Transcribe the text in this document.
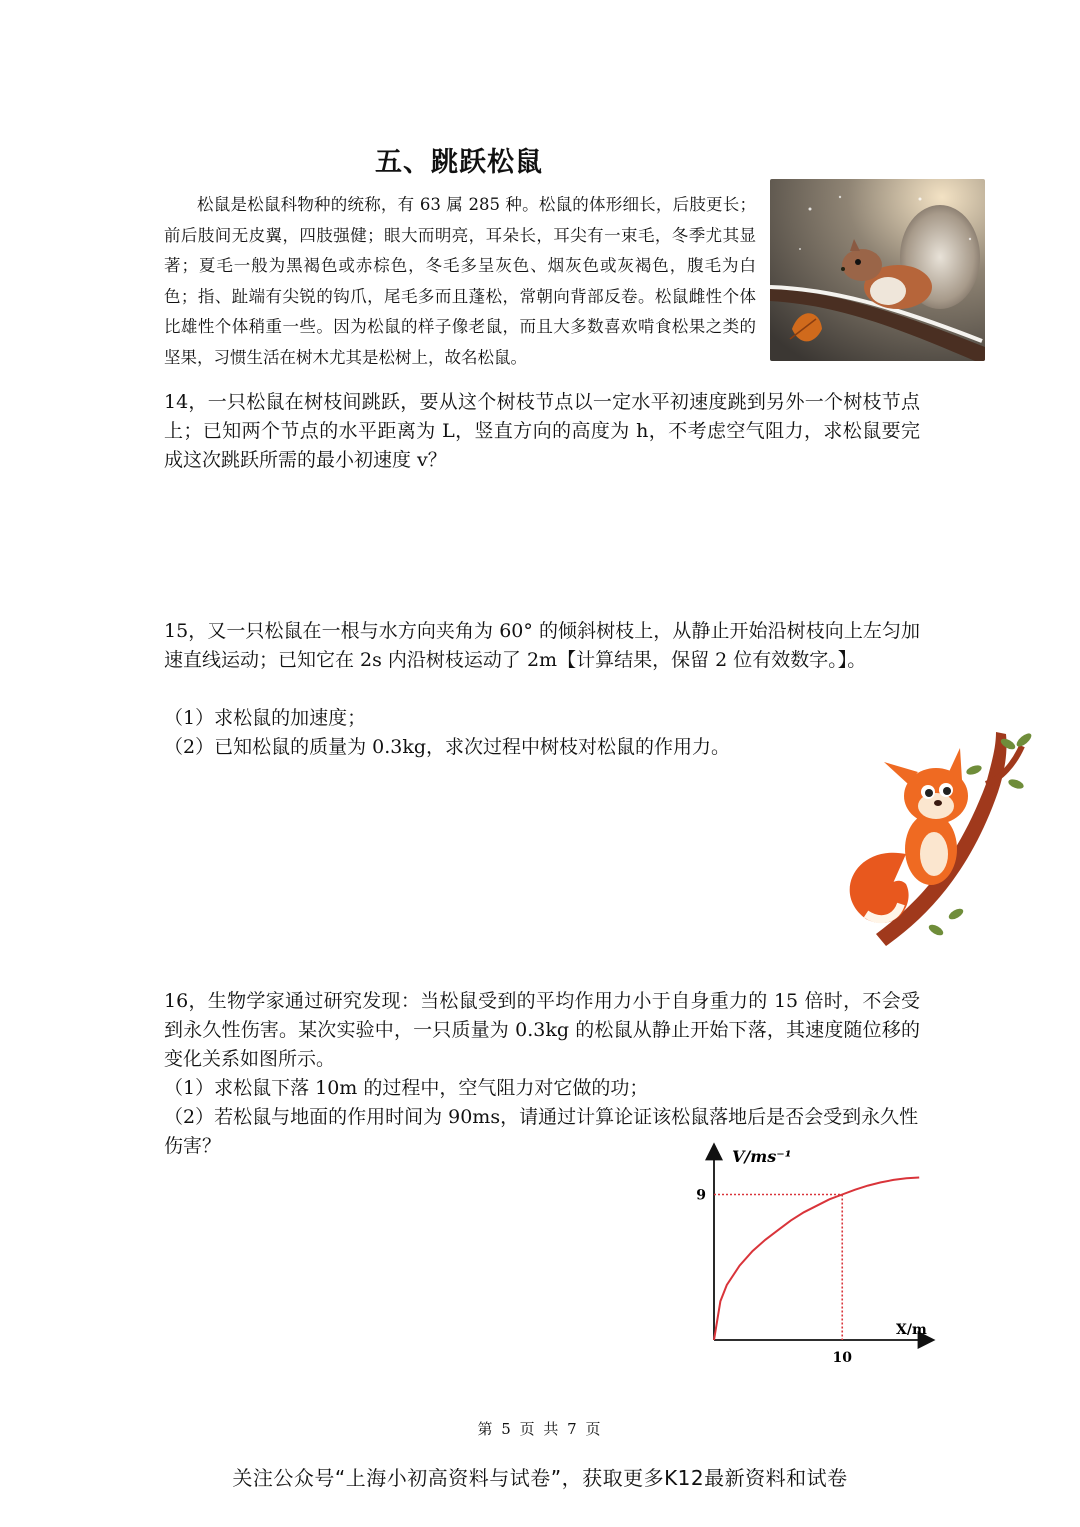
五、跳跃松鼠

松鼠是松鼠科物种的统称，有 63 属 285 种。松鼠的体形细长，后肢更长；前后肢间无皮翼，四肢强健；眼大而明亮，耳朵长，耳尖有一束毛，冬季尤其显著；夏毛一般为黑褐色或赤棕色，冬毛多呈灰色、烟灰色或灰褐色，腹毛为白色；指、趾端有尖锐的钩爪，尾毛多而且蓬松，常朝向背部反卷。松鼠雌性个体比雄性个体稍重一些。因为松鼠的样子像老鼠，而且大多数喜欢啃食松果之类的坚果，习惯生活在树木尤其是松树上，故名松鼠。

14，一只松鼠在树枝间跳跃，要从这个树枝节点以一定水平初速度跳到另外一个树枝节点上；已知两个节点的水平距离为 L，竖直方向的高度为 h，不考虑空气阻力，求松鼠要完成这次跳跃所需的最小初速度 v？

15，又一只松鼠在一根与水方向夹角为 60° 的倾斜树枝上，从静止开始沿树枝向上左匀加速直线运动；已知它在 2s 内沿树枝运动了 2m【计算结果，保留 2 位有效数字。】。

（1）求松鼠的加速度；

（2）已知松鼠的质量为 0.3kg，求次过程中树枝对松鼠的作用力。

16，生物学家通过研究发现：当松鼠受到的平均作用力小于自身重力的 15 倍时，不会受到永久性伤害。某次实验中，一只质量为 0.3kg 的松鼠从静止开始下落，其速度随位移的变化关系如图所示。

（1）求松鼠下落 10m 的过程中，空气阻力对它做的功；

（2）若松鼠与地面的作用时间为 90ms，请通过计算论证该松鼠落地后是否会受到永久性伤害？	V/ms⁻¹
X/m
9
10
第 5 页 共 7 页
关注公众号“上海小初高资料与试卷”，获取更多K12最新资料和试卷
